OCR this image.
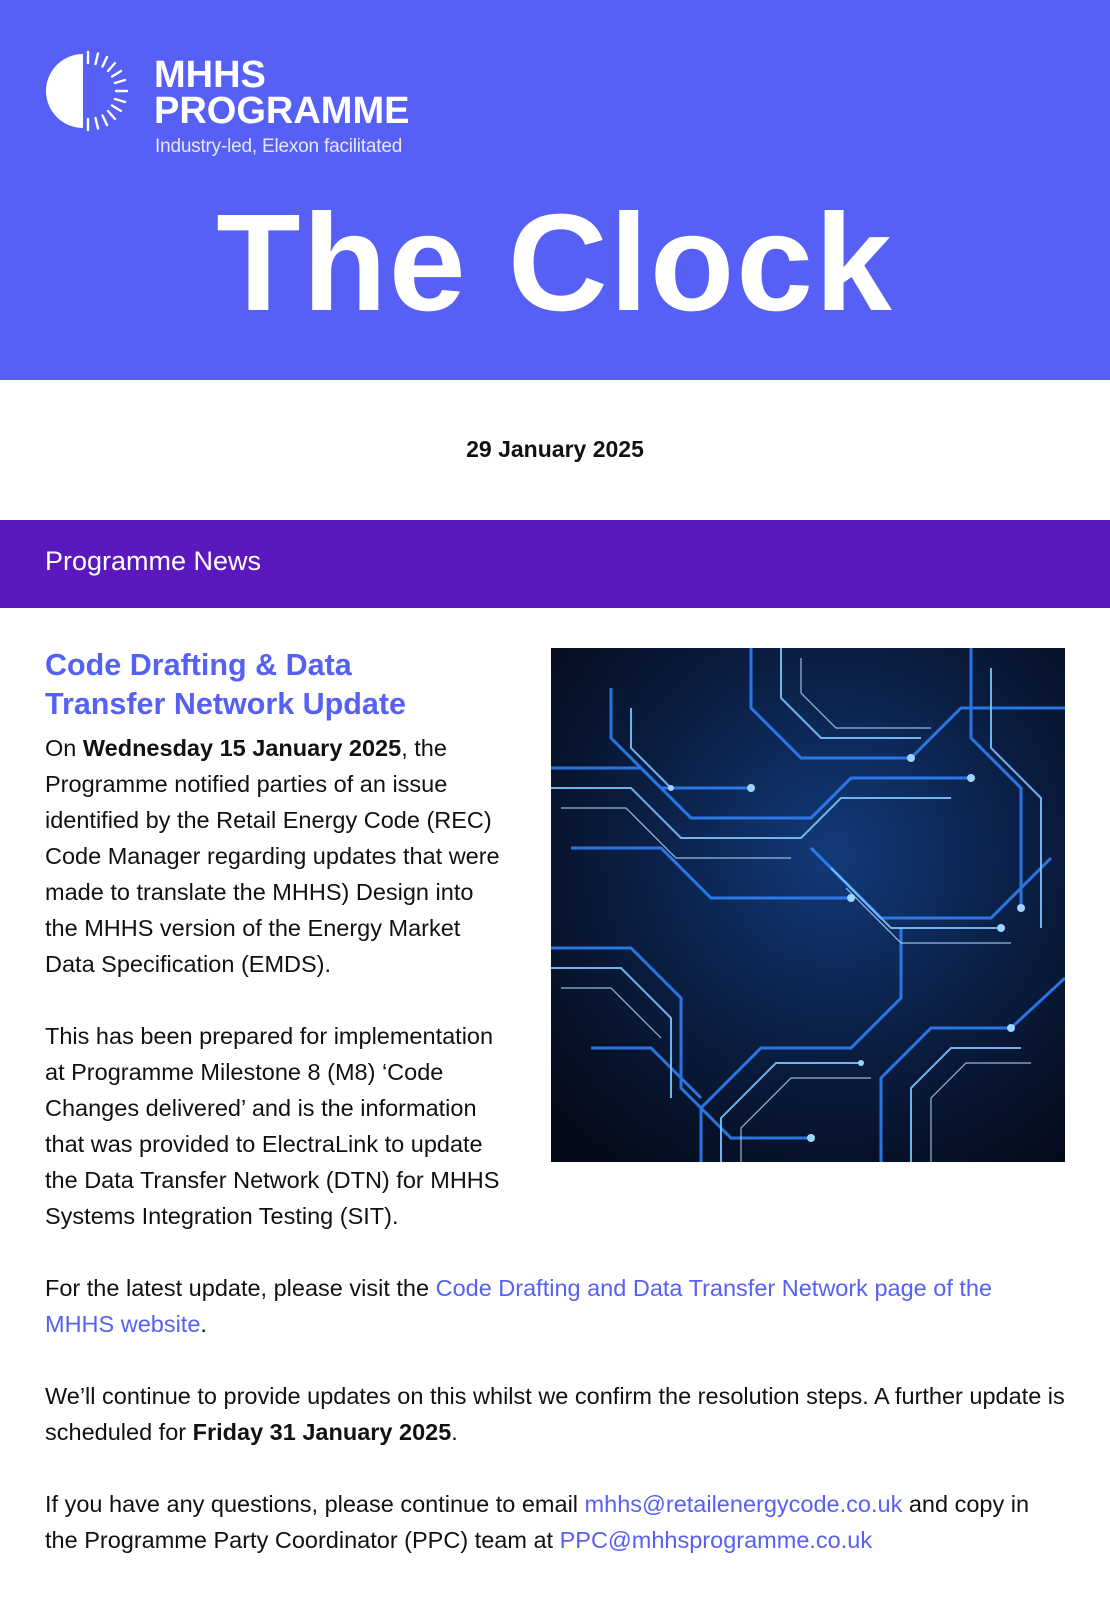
MHHS
PROGRAMME
Industry-led, Elexon facilitated
The Clock
29 January 2025
Programme News
Code Drafting & Data
Transfer Network Update

On Wednesday 15 January 2025, the Programme notified parties of an issue identified by the Retail Energy Code (REC) Code Manager regarding updates that were made to translate the MHHS) Design into the MHHS version of the Energy Market Data Specification (EMDS).

This has been prepared for implementation at Programme Milestone 8 (M8) ‘Code Changes delivered’ and is the information that was provided to ElectraLink to update the Data Transfer Network (DTN) for MHHS Systems Integration Testing (SIT).

For the latest update, please visit the Code Drafting and Data Transfer Network page of the MHHS website.

We’ll continue to provide updates on this whilst we confirm the resolution steps. A further update is scheduled for Friday 31 January 2025.

If you have any questions, please continue to email mhhs@retailenergycode.co.uk and copy in the Programme Party Coordinator (PPC) team at PPC@mhhsprogramme.co.uk
